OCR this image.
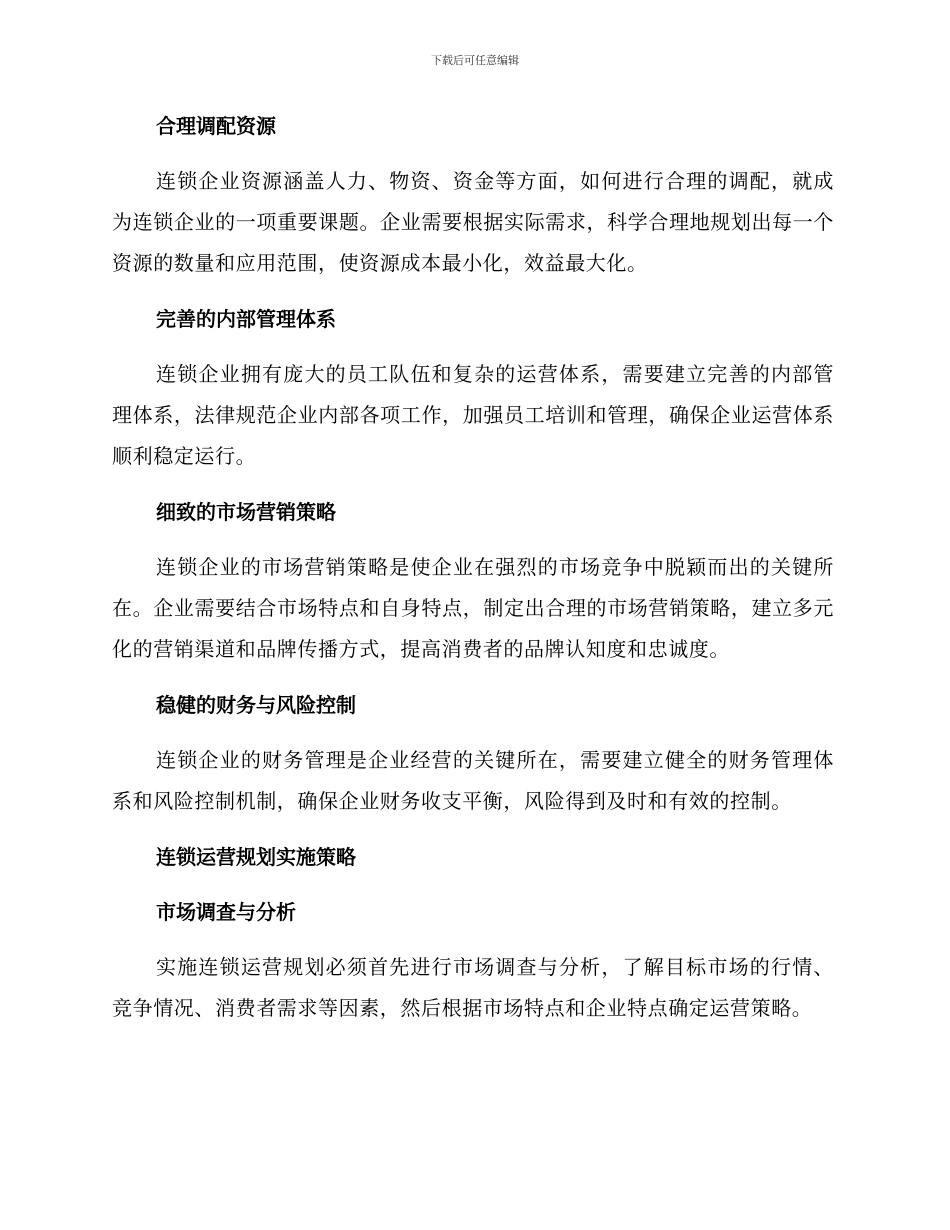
下载后可任意编辑
合理调配资源

连锁企业资源涵盖人力、物资、资金等方面，如何进行合理的调配，就成为连锁企业的一项重要课题。企业需要根据实际需求，科学合理地规划出每一个资源的数量和应用范围，使资源成本最小化，效益最大化。

完善的内部管理体系

连锁企业拥有庞大的员工队伍和复杂的运营体系，需要建立完善的内部管理体系，法律规范企业内部各项工作，加强员工培训和管理，确保企业运营体系顺利稳定运行。

细致的市场营销策略

连锁企业的市场营销策略是使企业在强烈的市场竞争中脱颖而出的关键所在。企业需要结合市场特点和自身特点，制定出合理的市场营销策略，建立多元化的营销渠道和品牌传播方式，提高消费者的品牌认知度和忠诚度。

稳健的财务与风险控制

连锁企业的财务管理是企业经营的关键所在，需要建立健全的财务管理体系和风险控制机制，确保企业财务收支平衡，风险得到及时和有效的控制。

连锁运营规划实施策略
市场调查与分析

实施连锁运营规划必须首先进行市场调查与分析，了解目标市场的行情、竞争情况、消费者需求等因素，然后根据市场特点和企业特点确定运营策略。
